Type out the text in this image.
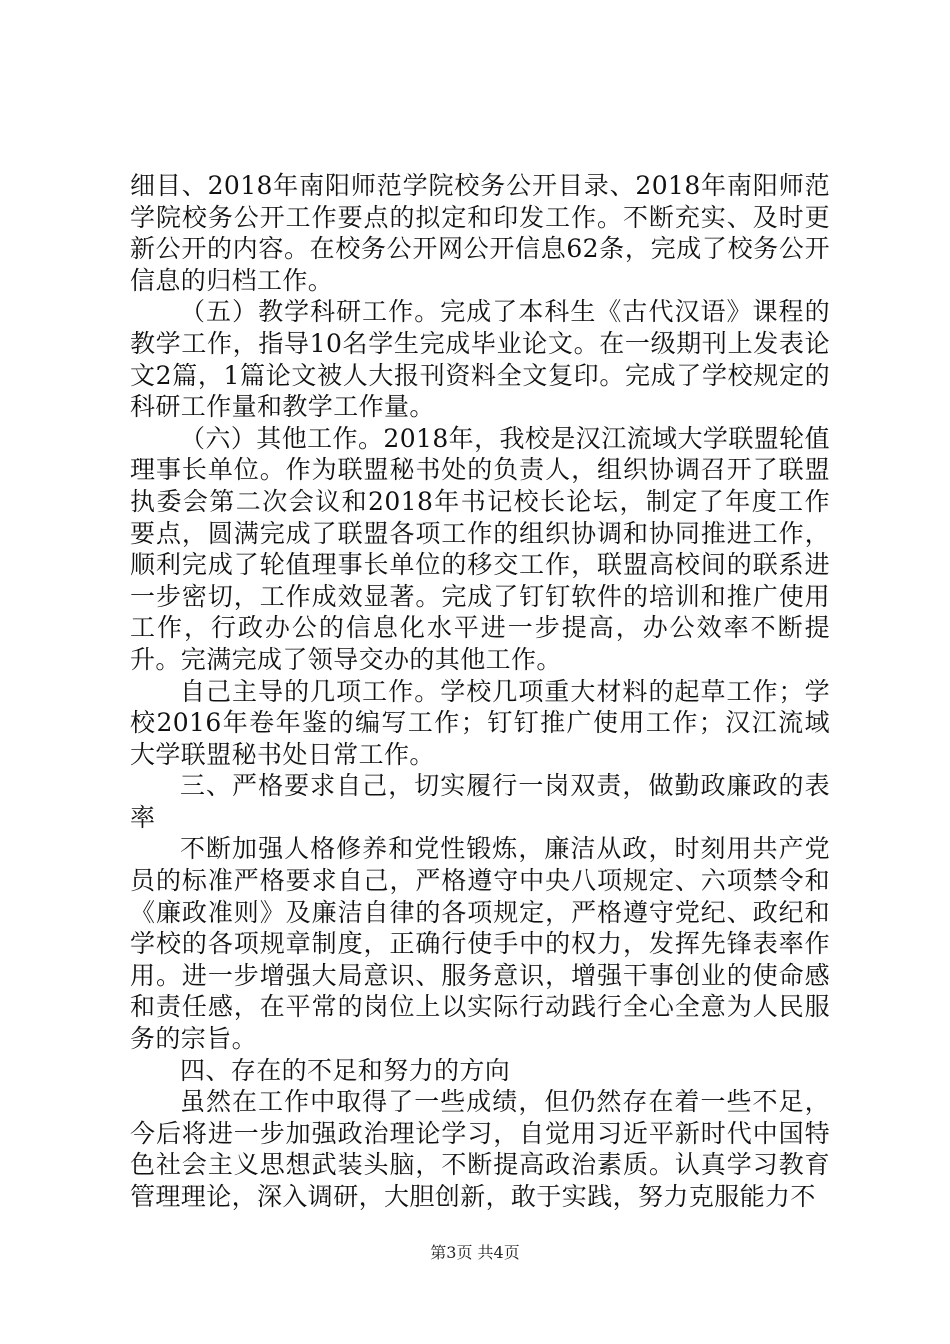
细目、2018年南阳师范学院校务公开目录、2018年南阳师范学院校务公开工作要点的拟定和印发工作。不断充实、及时更新公开的内容。在校务公开网公开信息62条，完成了校务公开信息的归档工作。

（五）教学科研工作。完成了本科生《古代汉语》课程的教学工作，指导10名学生完成毕业论文。在一级期刊上发表论文2篇，1篇论文被人大报刊资料全文复印。完成了学校规定的科研工作量和教学工作量。

（六）其他工作。2018年，我校是汉江流域大学联盟轮值理事长单位。作为联盟秘书处的负责人，组织协调召开了联盟执委会第二次会议和2018年书记校长论坛，制定了年度工作要点，圆满完成了联盟各项工作的组织协调和协同推进工作，顺利完成了轮值理事长单位的移交工作，联盟高校间的联系进一步密切，工作成效显著。完成了钉钉软件的培训和推广使用工作，行政办公的信息化水平进一步提高，办公效率不断提升。完满完成了领导交办的其他工作。

自己主导的几项工作。学校几项重大材料的起草工作；学校2016年卷年鉴的编写工作；钉钉推广使用工作；汉江流域大学联盟秘书处日常工作。

三、严格要求自己，切实履行一岗双责，做勤政廉政的表率

不断加强人格修养和党性锻炼，廉洁从政，时刻用共产党员的标准严格要求自己，严格遵守中央八项规定、六项禁令和《廉政准则》及廉洁自律的各项规定，严格遵守党纪、政纪和学校的各项规章制度，正确行使手中的权力，发挥先锋表率作用。进一步增强大局意识、服务意识，增强干事创业的使命感和责任感，在平常的岗位上以实际行动践行全心全意为人民服务的宗旨。

四、存在的不足和努力的方向

虽然在工作中取得了一些成绩，但仍然存在着一些不足，今后将进一步加强政治理论学习，自觉用习近平新时代中国特色社会主义思想武装头脑，不断提高政治素质。认真学习教育管理理论，深入调研，大胆创新，敢于实践，努力克服能力不

第3页 共4页
